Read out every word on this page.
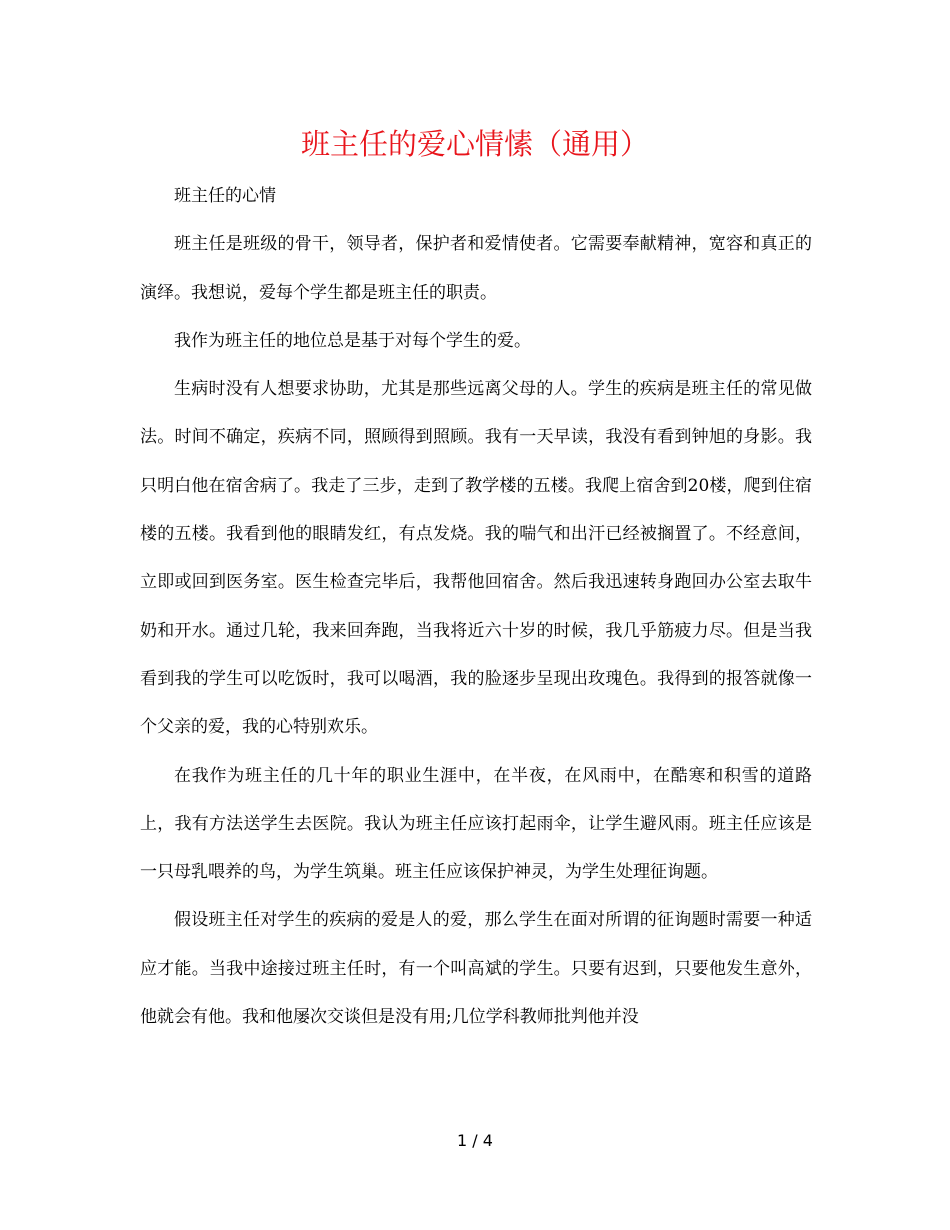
班主任的爱心情愫（通用）

班主任的心情

班主任是班级的骨干，领导者，保护者和爱情使者。它需要奉献精神，宽容和真正的演绎。我想说，爱每个学生都是班主任的职责。

我作为班主任的地位总是基于对每个学生的爱。

生病时没有人想要求协助，尤其是那些远离父母的人。学生的疾病是班主任的常见做法。时间不确定，疾病不同，照顾得到照顾。我有一天早读，我没有看到钟旭的身影。我只明白他在宿舍病了。我走了三步，走到了教学楼的五楼。我爬上宿舍到20楼，爬到住宿楼的五楼。我看到他的眼睛发红，有点发烧。我的喘气和出汗已经被搁置了。不经意间，立即或回到医务室。医生检查完毕后，我帮他回宿舍。然后我迅速转身跑回办公室去取牛奶和开水。通过几轮，我来回奔跑，当我将近六十岁的时候，我几乎筋疲力尽。但是当我看到我的学生可以吃饭时，我可以喝酒，我的脸逐步呈现出玫瑰色。我得到的报答就像一个父亲的爱，我的心特别欢乐。

在我作为班主任的几十年的职业生涯中，在半夜，在风雨中，在酷寒和积雪的道路上，我有方法送学生去医院。我认为班主任应该打起雨伞，让学生避风雨。班主任应该是一只母乳喂养的鸟，为学生筑巢。班主任应该保护神灵，为学生处理征询题。

假设班主任对学生的疾病的爱是人的爱，那么学生在面对所谓的征询题时需要一种适应才能。当我中途接过班主任时，有一个叫高斌的学生。只要有迟到，只要他发生意外，他就会有他。我和他屡次交谈但是没有用;几位学科教师批判他并没

1 / 4
